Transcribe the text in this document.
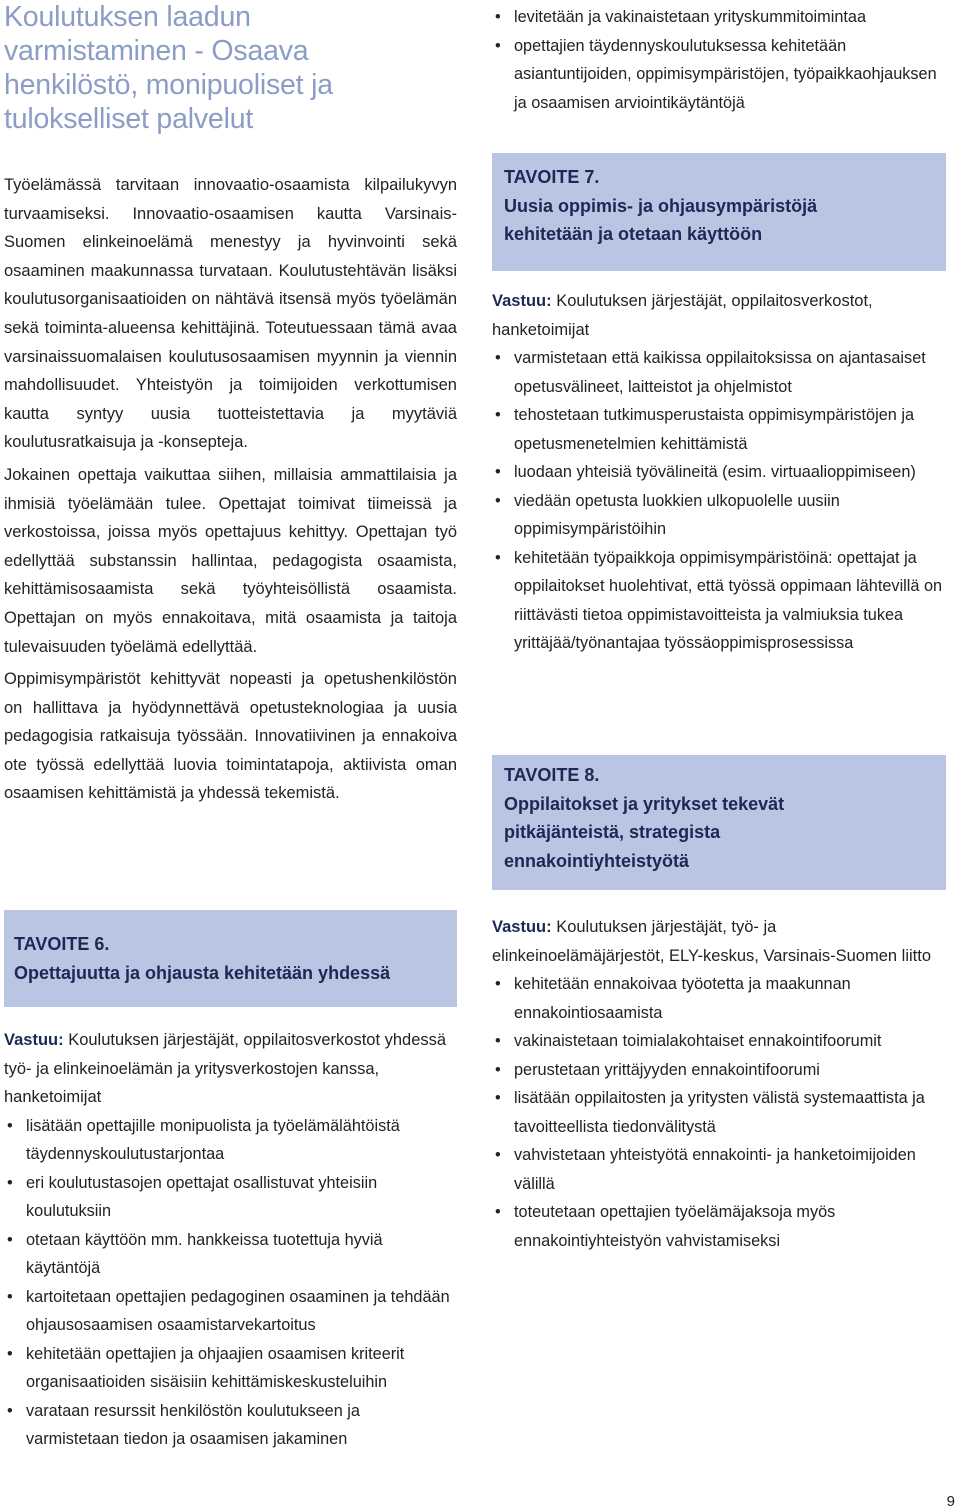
Koulutuksen laadun varmistaminen - Osaava henkilöstö, monipuoliset ja tulokselliset palvelut

Työelämässä tarvitaan innovaatio-osaamista kilpailukyvyn turvaamiseksi. Innovaatio-osaamisen kautta Varsinais-Suomen elinkeinoelämä menestyy ja hyvinvointi sekä osaaminen maakunnassa turvataan. Koulutustehtävän lisäksi koulutusorganisaatioiden on nähtävä itsensä myös työelämän sekä toiminta-alueensa kehittäjinä. Toteutuessaan tämä avaa varsinaissuomalaisen koulutusosaamisen myynnin ja viennin mahdollisuudet. Yhteistyön ja toimijoiden verkottumisen kautta syntyy uusia tuotteistettavia ja myytäviä koulutusratkaisuja ja -konsepteja.

Jokainen opettaja vaikuttaa siihen, millaisia ammattilaisia ja ihmisiä työelämään tulee. Opettajat toimivat tiimeissä ja verkostoissa, joissa myös opettajuus kehittyy. Opettajan työ edellyttää substanssin hallintaa, pedagogista osaamista, kehittämisosaamista sekä työyhteisöllistä osaamista. Opettajan on myös ennakoitava, mitä osaamista ja taitoja tulevaisuuden työelämä edellyttää.

Oppimisympäristöt kehittyvät nopeasti ja opetushenkilöstön on hallittava ja hyödynnettävä opetusteknologiaa ja uusia pedagogisia ratkaisuja työssään. Innovatiivinen ja ennakoiva ote työssä edellyttää luovia toimintatapoja, aktiivista oman osaamisen kehittämistä ja yhdessä tekemistä.

TAVOITE 6.
Opettajuutta ja ohjausta kehitetään yhdessä

Vastuu: Koulutuksen järjestäjät, oppilaitosverkostot yhdessä työ- ja elinkeinoelämän ja yritysverkostojen kanssa, hanketoimijat

• lisätään opettajille monipuolista ja työelämälähtöistä täydennyskoulutustarjontaa
• eri koulutustasojen opettajat osallistuvat yhteisiin koulutuksiin
• otetaan käyttöön mm. hankkeissa tuotettuja hyviä käytäntöjä
• kartoitetaan opettajien pedagoginen osaaminen ja tehdään ohjausosaamisen osaamistarvekartoitus
• kehitetään opettajien ja ohjaajien osaamisen kriteerit organisaatioiden sisäisiin kehittämiskeskusteluihin
• varataan resurssit henkilöstön koulutukseen ja varmistetaan tiedon ja osaamisen jakaminen
• levitetään ja vakinaistetaan yrityskummitoimintaa
• opettajien täydennyskoulutuksessa kehitetään asiantuntijoiden, oppimisympäristöjen, työpaikkaohjauksen ja osaamisen arviointikäytäntöjä
TAVOITE 7.
Uusia oppimis- ja ohjausympäristöjä kehitetään ja otetaan käyttöön

Vastuu: Koulutuksen järjestäjät, oppilaitosverkostot, hanketoimijat

• varmistetaan että kaikissa oppilaitoksissa on ajantasaiset opetusvälineet, laitteistot ja ohjelmistot
• tehostetaan tutkimusperustaista oppimisympäristöjen ja opetusmenetelmien kehittämistä
• luodaan yhteisiä työvälineitä (esim. virtuaalioppimiseen)
• viedään opetusta luokkien ulkopuolelle uusiin oppimisympäristöihin
• kehitetään työpaikkoja oppimisympäristöinä: opettajat ja oppilaitokset huolehtivat, että työssä oppimaan lähtevillä on riittävästi tietoa oppimistavoitteista ja valmiuksia tukea yrittäjää/työnantajaa työssäoppimisprosessissa
TAVOITE 8.
Oppilaitokset ja yritykset tekevät pitkäjänteistä, strategista ennakointiyhteistyötä

Vastuu: Koulutuksen järjestäjät, työ- ja elinkeinoelämäjärjestöt, ELY-keskus, Varsinais-Suomen liitto

• kehitetään ennakoivaa työotetta ja maakunnan ennakointiosaamista
• vakinaistetaan toimialakohtaiset ennakointifoorumit
• perustetaan yrittäjyyden ennakointifoorumi
• lisätään oppilaitosten ja yritysten välistä systemaattista ja tavoitteellista tiedonvälitystä
• vahvistetaan yhteistyötä ennakointi- ja hanketoimijoiden välillä
• toteutetaan opettajien työelämäjaksoja myös ennakointiyhteistyön vahvistamiseksi
9
